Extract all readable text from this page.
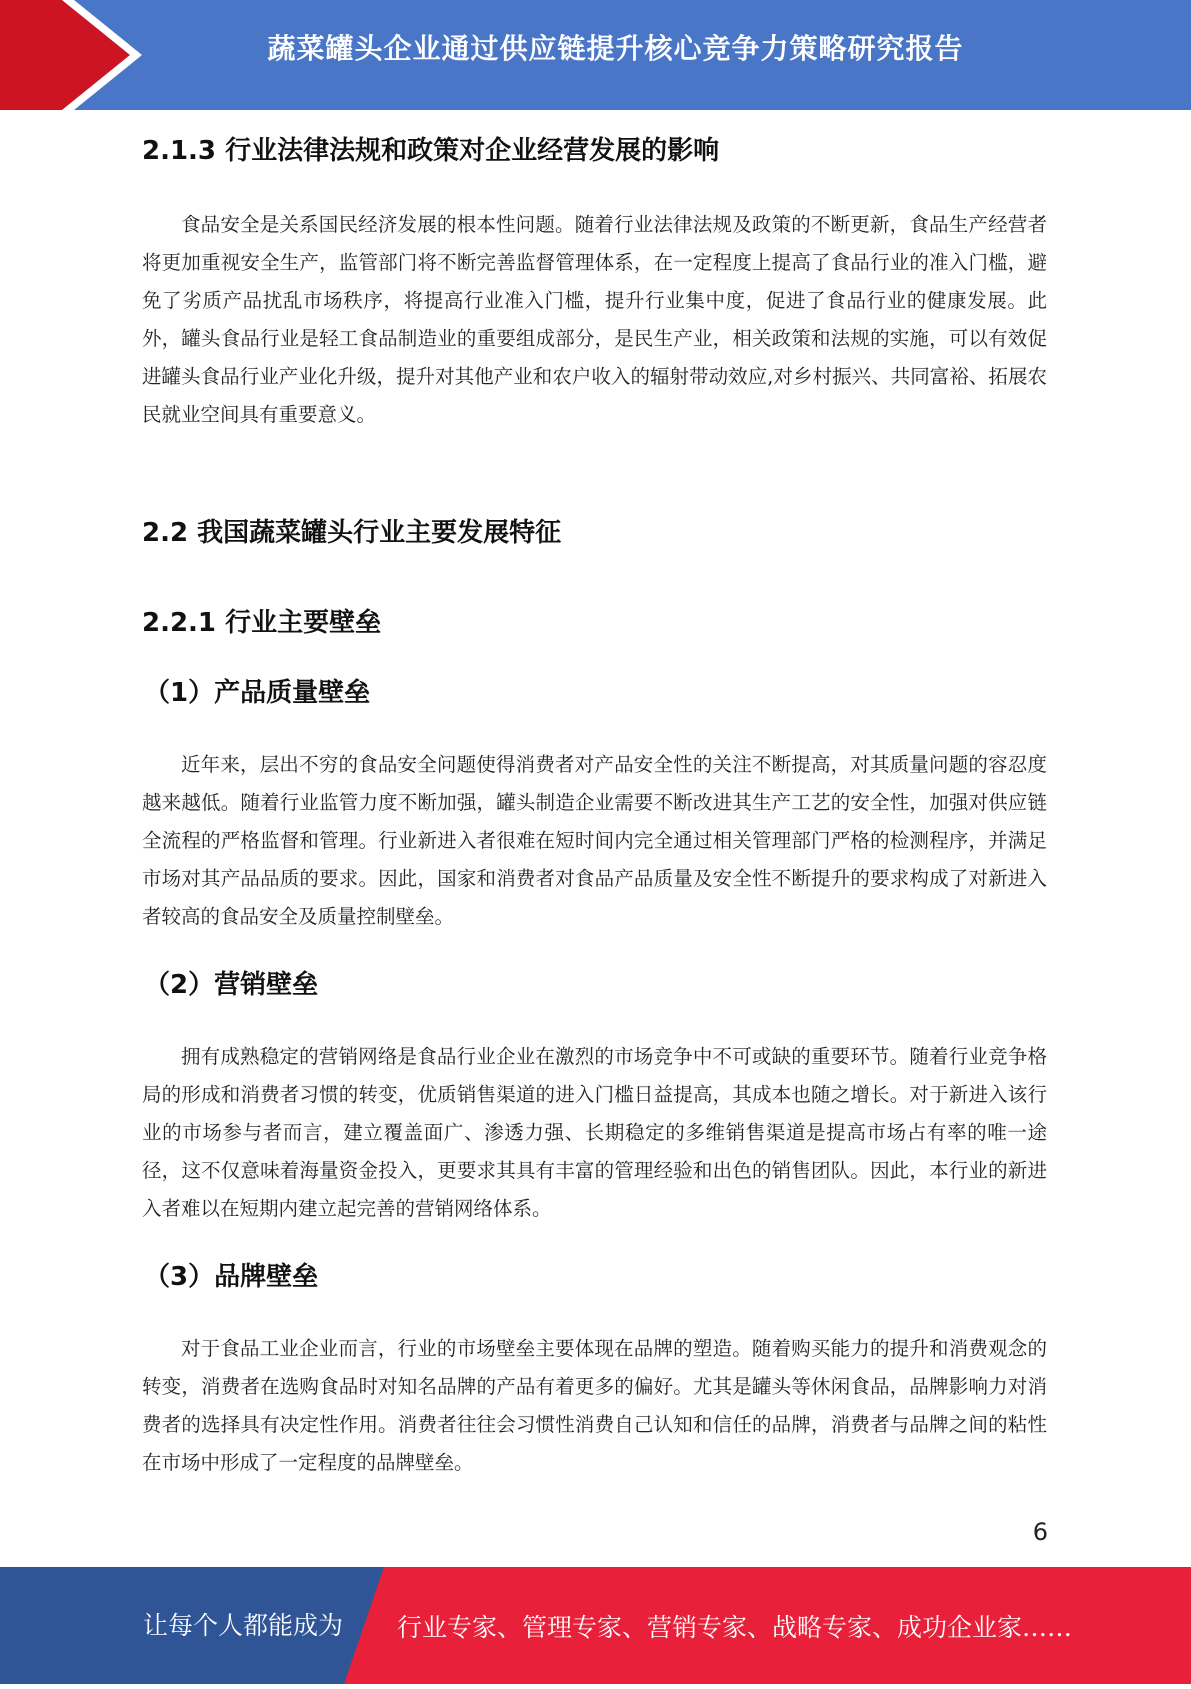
蔬菜罐头企业通过供应链提升核心竞争力策略研究报告
2.1.3 行业法律法规和政策对企业经营发展的影响
食品安全是关系国民经济发展的根本性问题。随着行业法律法规及政策的不断更新，食品生产经营者将更加重视安全生产，监管部门将不断完善监督管理体系，在一定程度上提高了食品行业的准入门槛，避免了劣质产品扰乱市场秩序，将提高行业准入门槛，提升行业集中度，促进了食品行业的健康发展。此外，罐头食品行业是轻工食品制造业的重要组成部分，是民生产业，相关政策和法规的实施，可以有效促进罐头食品行业产业化升级，提升对其他产业和农户收入的辐射带动效应,对乡村振兴、共同富裕、拓展农民就业空间具有重要意义。
2.2 我国蔬菜罐头行业主要发展特征
2.2.1 行业主要壁垒
（1）产品质量壁垒
近年来，层出不穷的食品安全问题使得消费者对产品安全性的关注不断提高，对其质量问题的容忍度越来越低。随着行业监管力度不断加强，罐头制造企业需要不断改进其生产工艺的安全性，加强对供应链全流程的严格监督和管理。行业新进入者很难在短时间内完全通过相关管理部门严格的检测程序，并满足市场对其产品品质的要求。因此，国家和消费者对食品产品质量及安全性不断提升的要求构成了对新进入者较高的食品安全及质量控制壁垒。
（2）营销壁垒
拥有成熟稳定的营销网络是食品行业企业在激烈的市场竞争中不可或缺的重要环节。随着行业竞争格局的形成和消费者习惯的转变，优质销售渠道的进入门槛日益提高，其成本也随之增长。对于新进入该行业的市场参与者而言，建立覆盖面广、渗透力强、长期稳定的多维销售渠道是提高市场占有率的唯一途径，这不仅意味着海量资金投入，更要求其具有丰富的管理经验和出色的销售团队。因此，本行业的新进入者难以在短期内建立起完善的营销网络体系。
（3）品牌壁垒
对于食品工业企业而言，行业的市场壁垒主要体现在品牌的塑造。随着购买能力的提升和消费观念的转变，消费者在选购食品时对知名品牌的产品有着更多的偏好。尤其是罐头等休闲食品，品牌影响力对消费者的选择具有决定性作用。消费者往往会习惯性消费自己认知和信任的品牌，消费者与品牌之间的粘性在市场中形成了一定程度的品牌壁垒。
6
让每个人都能成为 行业专家、管理专家、营销专家、战略专家、成功企业家……
